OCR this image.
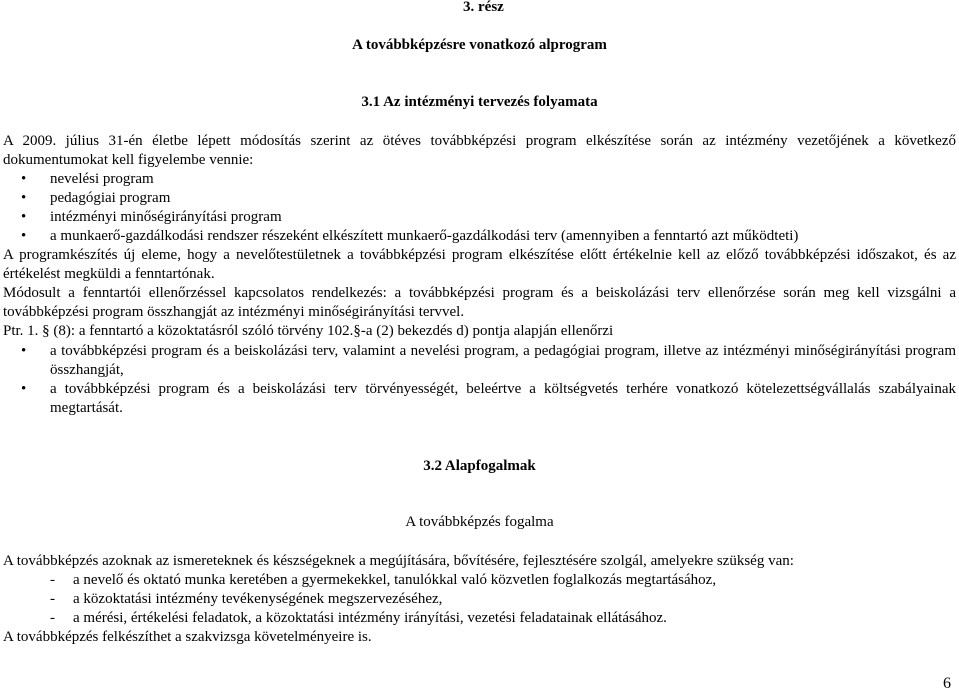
3. rész
A továbbképzésre vonatkozó alprogram
3.1 Az intézményi tervezés folyamata

A 2009. július 31-én életbe lépett módosítás szerint az ötéves továbbképzési program elkészítése során az intézmény vezetőjének a következő dokumentumokat kell figyelembe vennie:

• nevelési program
• pedagógiai program
• intézményi minőségirányítási program
• a munkaerő-gazdálkodási rendszer részeként elkészített munkaerő-gazdálkodási terv (amennyiben a fenntartó azt működteti)

A programkészítés új eleme, hogy a nevelőtestületnek a továbbképzési program elkészítése előtt értékelnie kell az előző továbbképzési időszakot, és az értékelést megküldi a fenntartónak.

Módosult a fenntartói ellenőrzéssel kapcsolatos rendelkezés: a továbbképzési program és a beiskolázási terv ellenőrzése során meg kell vizsgálni a továbbképzési program összhangját az intézményi minőségirányítási tervvel.

Ptr. 1. § (8): a fenntartó a közoktatásról szóló törvény 102.§-a (2) bekezdés d) pontja alapján ellenőrzi

• a továbbképzési program és a beiskolázási terv, valamint a nevelési program, a pedagógiai program, illetve az intézményi minőségirányítási program összhangját,
• a továbbképzési program és a beiskolázási terv törvényességét, beleértve a költségvetés terhére vonatkozó kötelezettségvállalás szabályainak megtartását.
3.2 Alapfogalmak
A továbbképzés fogalma

A továbbképzés azoknak az ismereteknek és készségeknek a megújítására, bővítésére, fejlesztésére szolgál, amelyekre szükség van:

- a nevelő és oktató munka keretében a gyermekekkel, tanulókkal való közvetlen foglalkozás megtartásához,
- a közoktatási intézmény tevékenységének megszervezéséhez,
- a mérési, értékelési feladatok, a közoktatási intézmény irányítási, vezetési feladatainak ellátásához.

A továbbképzés felkészíthet a szakvizsga követelményeire is.

6
